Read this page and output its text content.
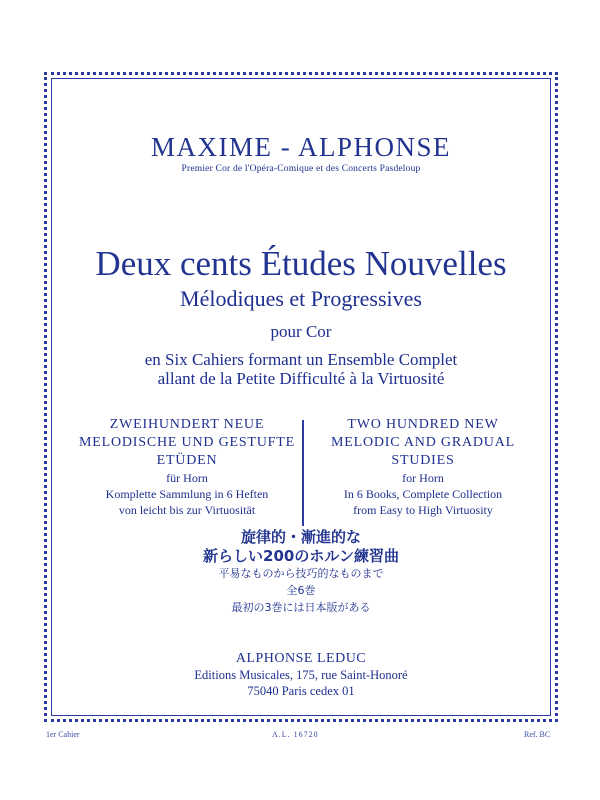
MAXIME - ALPHONSE
Premier Cor de l'Opéra-Comique et des Concerts Pasdeloup
Deux cents Études Nouvelles
Mélodiques et Progressives
pour Cor
en Six Cahiers formant un Ensemble Complet
allant de la Petite Difficulté à la Virtuosité
ZWEIHUNDERT NEUE
MELODISCHE UND GESTUFTE
ETÜDEN
für Horn
Komplette Sammlung in 6 Heften
von leicht bis zur Virtuosität
TWO HUNDRED NEW
MELODIC AND GRADUAL
STUDIES
for Horn
In 6 Books, Complete Collection
from Easy to High Virtuosity
旋律的・漸進的な
新らしい200のホルン練習曲
平易なものから技巧的なものまで
全6巻
最初の3巻には日本版がある
ALPHONSE LEDUC
Editions Musicales, 175, rue Saint-Honoré
75040 Paris cedex 01
1er Cahier	A.L. 16720	Ref. BC
